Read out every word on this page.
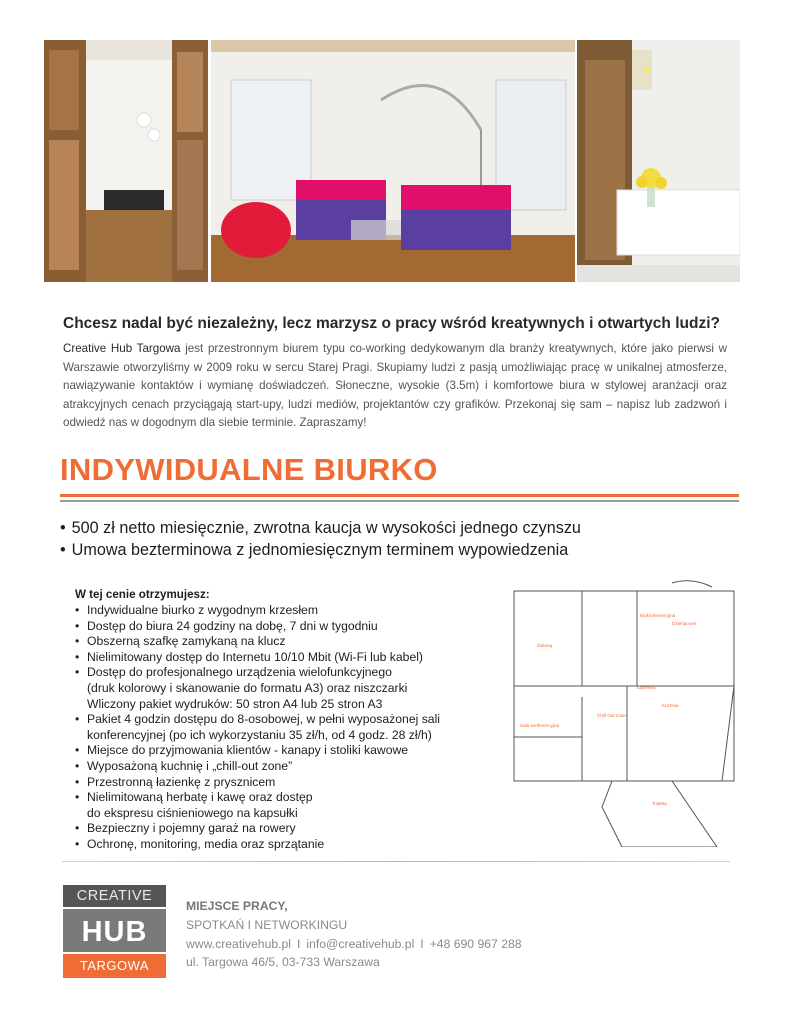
Chcesz nadal być niezależny, lecz marzysz o pracy wśród kreatywnych i otwartych ludzi?

Creative Hub Targowa jest przestronnym biurem typu co-working dedykowanym dla branży kreatywnych, które jako pierwsi w Warszawie otworzyliśmy w 2009 roku w sercu Starej Pragi. Skupiamy ludzi z pasją umożliwiając pracę w unikalnej atmosferze, nawiązywanie kontaktów i wymianę doświadczeń. Słoneczne, wysokie (3.5m) i komfortowe biura w stylowej aranżacji oraz atrakcyjnych cenach przyciągają start-upy, ludzi mediów, projektantów czy grafików. Przekonaj się sam – napisz lub zadzwoń i odwiedź nas w dogodnym dla siebie terminie. Zapraszamy!

INDYWIDUALNE BIURKO
• 500 zł netto miesięcznie, zwrotna kaucja w wysokości jednego czynszu
• Umowa bezterminowa z jednomiesięcznym terminem wypowiedzenia
W tej cenie otrzymujesz:
• Indywidualne biurko z wygodnym krzesłem
• Dostęp do biura 24 godziny na dobę, 7 dni w tygodniu
• Obszerną szafkę zamykaną na klucz
• Nielimitowany dostęp do Internetu 10/10 Mbit (Wi-Fi lub kabel)
• Dostęp do profesjonalnego urządzenia wielofunkcyjnego
(druk kolorowy i skanowanie do formatu A3) oraz niszczarki
Wliczony pakiet wydruków: 50 stron A4 lub 25 stron A3
• Pakiet 4 godzin dostępu do 8-osobowej, w pełni wyposażonej sali
konferencyjnej (po ich wykorzystaniu 35 zł/h, od 4 godz. 28 zł/h)
• Miejsce do przyjmowania klientów - kanapy i stoliki kawowe
• Wyposażoną kuchnię i „chill-out zone”
• Przestronną łazienkę z prysznicem
• Nielimitowaną herbatę i kawę oraz dostęp
do ekspresu ciśnieniowego na kapsułki
• Bezpieczny i pojemny garaż na rowery
• Ochronę, monitoring, media oraz sprzątanie
Biokonferencyjna
Zieloną
Dzieńpocek
Łazienka
Chill Out zone
Kuchnia
Sala konferencyjna
Toaleta
CREATIVE
HUB
TARGOWA
MIEJSCE PRACY,
SPOTKAŃ I NETWORKINGU
www.creativehub.pl I info@creativehub.pl I +48 690 967 288
ul. Targowa 46/5, 03-733 Warszawa
